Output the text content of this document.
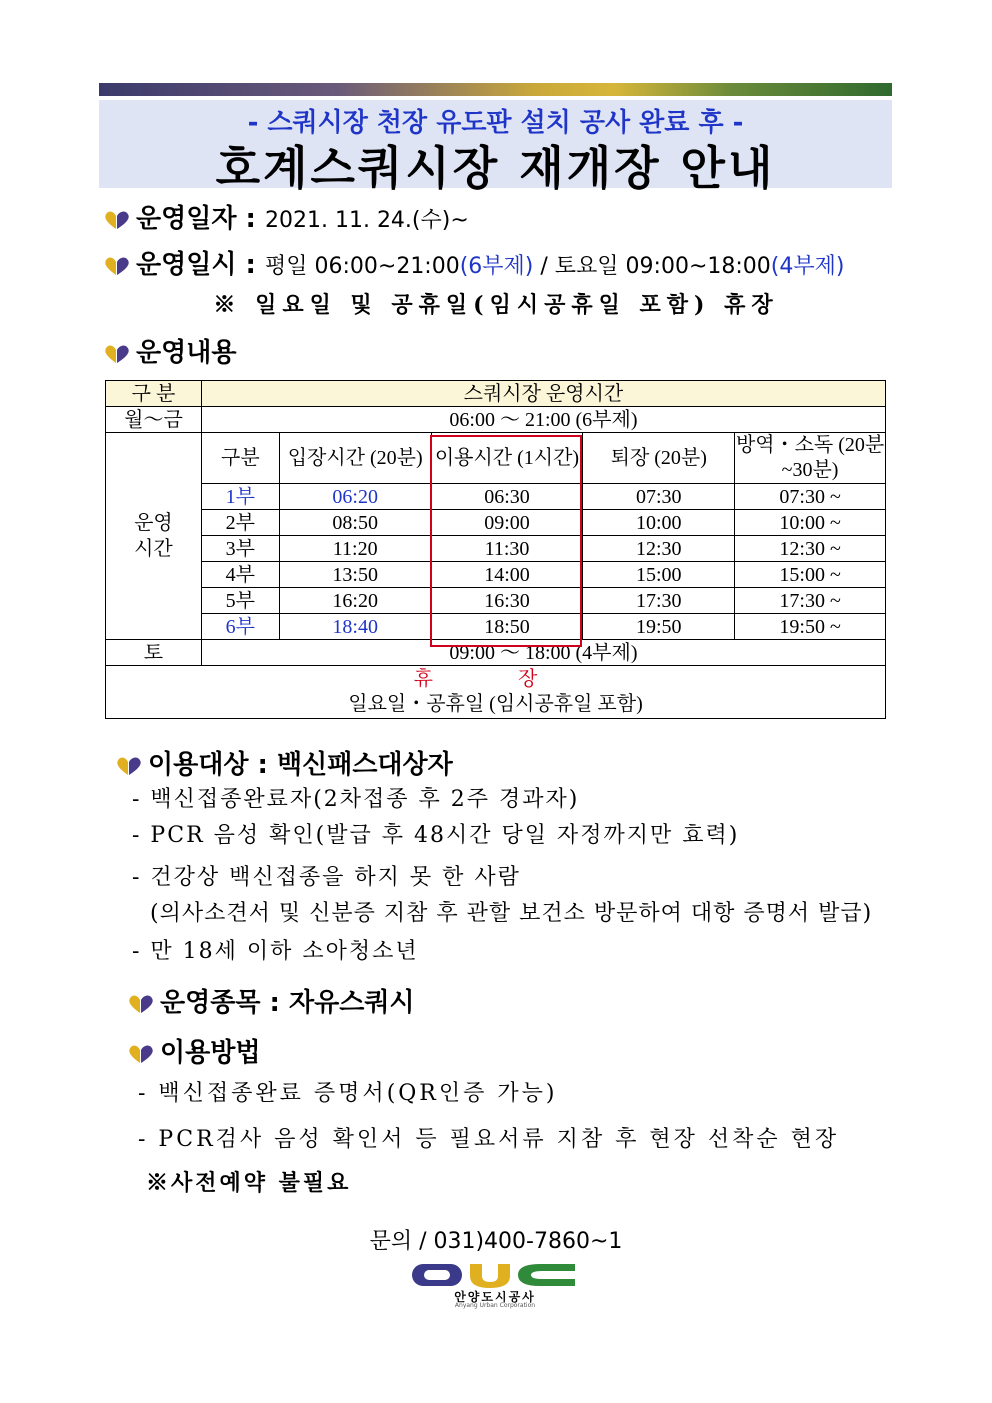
- 스쿼시장 천장 유도판 설치 공사 완료 후 -
호계스쿼시장 재개장 안내
운영일자 : 2021. 11. 24.(수)~
운영일시 : 평일 06:00~21:00(6부제) / 토요일 09:00~18:00(4부제)
※ 일요일 및 공휴일(임시공휴일 포함) 휴장
운영내용
구 분	스쿼시장 운영시간				
월～금	06:00 ～ 21:00 (6부제)				
운영 시간	구분	입장시간 (20분)	이용시간 (1시간)	퇴장 (20분)	방역・소독 (20분~30분)
	1부	06:20	06:30	07:30	07:30 ~
	2부	08:50	09:00	10:00	10:00 ~
	3부	11:20	11:30	12:30	12:30 ~
	4부	13:50	14:00	15:00	15:00 ~
	5부	16:20	16:30	17:30	17:30 ~
	6부	18:40	18:50	19:50	19:50 ~
토	09:00 ～ 18:00 (4부제)				

휴 장
일요일・공휴일 (임시공휴일 포함)					
이용대상 : 백신패스대상자
- 백신접종완료자(2차접종 후 2주 경과자)
- PCR 음성 확인(발급 후 48시간 당일 자정까지만 효력)
- 건강상 백신접종을 하지 못 한 사람
(의사소견서 및 신분증 지참 후 관할 보건소 방문하여 대항 증명서 발급)
- 만 18세 이하 소아청소년
운영종목 : 자유스쿼시
이용방법
- 백신접종완료 증명서(QR인증 가능)
- PCR검사 음성 확인서 등 필요서류 지참 후 현장 선착순 현장
※사전예약 불필요
문의 / 031)400-7860~1
안양도시공사
Anyang Urban Corporation
